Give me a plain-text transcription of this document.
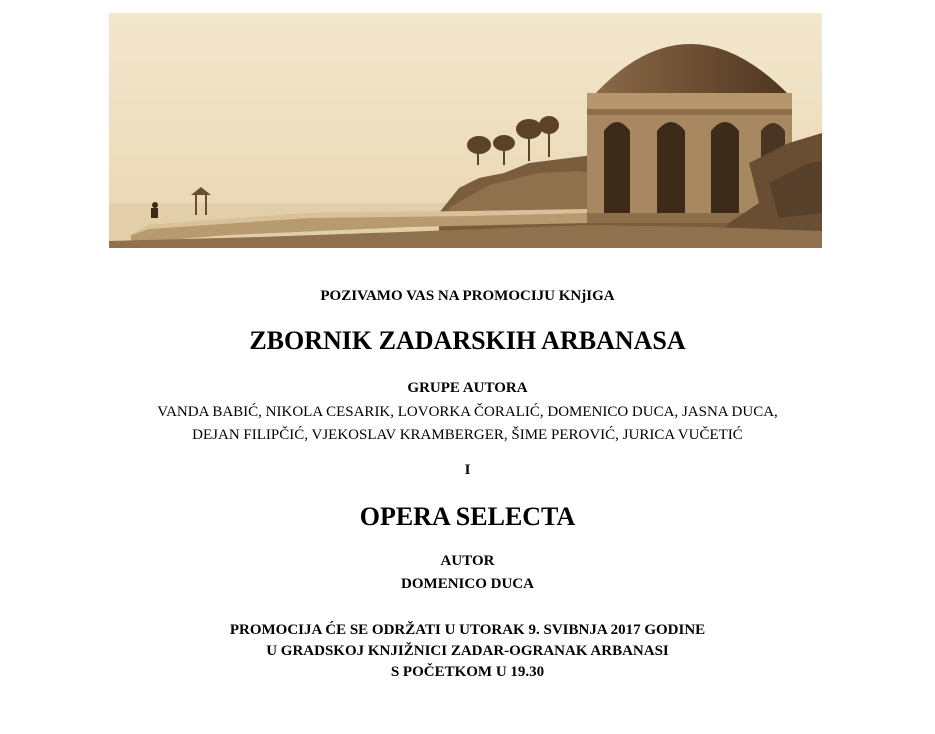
POZIVAMO VAS NA PROMOCIJU KNjIGA
ZBORNIK ZADARSKIH ARBANASA
GRUPE AUTORA
VANDA BABIĆ, NIKOLA CESARIK, LOVORKA ČORALIĆ, DOMENICO DUCA, JASNA DUCA,
DEJAN FILIPČIĆ, VJEKOSLAV KRAMBERGER, ŠIME PEROVIĆ, JURICA VUČETIĆ
I
OPERA SELECTA
AUTOR
DOMENICO DUCA
PROMOCIJA ĆE SE ODRŽATI U UTORAK 9. SVIBNJA 2017 GODINE
U GRADSKOJ KNJIŽNICI ZADAR-OGRANAK ARBANASI
S POČETKOM U 19.30
